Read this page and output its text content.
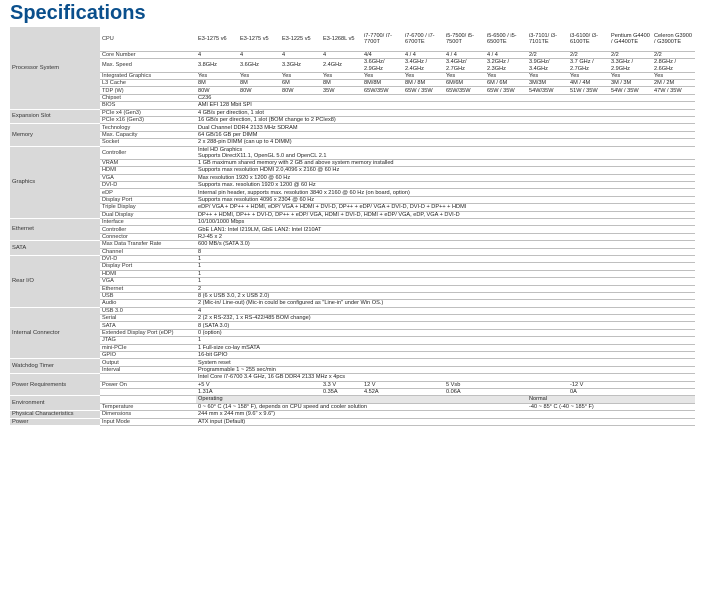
Specifications
Processor System	CPU	E3-1275 v6	E3-1275 v5	E3-1225 v5	E3-1268L v5	i7-7700/ i7-7700T	i7-6700 / i7-6700TE	i5-7500/ i5-7500T	i5-6500 / i5-6500TE	i3-7101/ i3-7101TE	i3-6100/ i3-6100TE	Pentium G4400 / G4400TE	Celeron G3900 / G3900TE
	Core Number	4	4	4	4	4/4	4 / 4	4 / 4	4 / 4	2/2	2/2	2/2	2/2
	Max. Speed	3.8GHz	3.6GHz	3.3GHz	2.4GHz	3.6GHz/ 2.9GHz	3.4GHz / 2.4GHz	3.4GHz/ 2.7GHz	3.2GHz / 2.3GHz	3.9GHz/ 3.4GHz	3.7 GHz / 2.7GHz	3.3GHz / 2.9GHz	2.8GHz / 2.6GHz
	Integrated Graphics	Yes	Yes	Yes	Yes	Yes	Yes	Yes	Yes	Yes	Yes	Yes	Yes
	L3 Cache	8M	8M	6M	8M	8M/8M	8M / 8M	6M/6M	6M / 6M	3M/3M	4M / 4M	3M / 3M	2M / 2M
	TDP (W)	80W	80W	80W	35W	65W/35W	65W / 35W	65W/35W	65W / 35W	54W/35W	51W / 35W	54W / 35W	47W / 35W
	Chipset	C236											
	BIOS	AMI EFI 128 Mbit SPI											
Expansion Slot	PCIe x4 (Gen3)	4 GB/s per direction, 1 slot											
	PCIe x16 (Gen3)	16 GB/s per direction, 1 slot (BOM change to 2 PCIex8)											
Memory	Technology	Dual Channel DDR4 2133 MHz SDRAM											
	Max. Capacity	64 GB/16 GB per DIMM											
	Socket	2 x 288-pin DIMM (can up to 4 DIMM)											
Graphics	Controller	Intel HD Graphics
Supports DirectX11.1, OpenGL 5.0 and OpenCL 2.1											
	VRAM	1 GB maximum shared memory with 2 GB and above system memory installed											
	HDMI	Supports max resolution HDMI 2.0,4096 x 2160 @ 60 Hz											
	VGA	Max resolution 1920 x 1200 @ 60 Hz											
	DVI-D	Supports max. resolution 1920 x 1200 @ 60 Hz											
	eDP	Internal pin header, supports max. resolution 3840 x 2160 @ 60 Hz (on board, option)											
	Display Port	Supports max resolution 4096 x 2304 @ 60 Hz											
	Triple Display	eDP/ VGA + DP++ + HDMI, eDP/ VGA + HDMI + DVI-D, DP++ + eDP/ VGA + DVI-D, DVI-D + DP++ + HDMI											
	Dual Display	DP++ + HDMI, DP++ + DVI-D, DP++ + eDP/ VGA, HDMI + DVI-D, HDMI + eDP/ VGA, eDP, VGA + DVI-D											
Ethernet	Interface	10/100/1000 Mbps											
	Controller	GbE LAN1: Intel I219LM, GbE LAN2: Intel I210AT											
	Connector	RJ-45 x 2											
SATA	Max Data Transfer Rate	600 MB/s (SATA 3.0)											
	Channel	8											
Rear I/O	DVI-D	1											
	Display Port	1											
	HDMI	1											
	VGA	1											
	Ethernet	2											
	USB	8 (6 x USB 3.0, 2 x USB 2.0)											
	Audio	2 (Mic-in/ Line-out) (Mic-in could be configured as "Line-in" under Win OS.)											
Internal Connector	USB 3.0	4											
	Serial	2 (2 x RS-232, 1 x RS-422/485 BOM change)											
	SATA	8 (SATA 3.0)											
	Extended Display Port (eDP)	0 (option)											
	JTAG	1											
	mini-PCIe	1 Full-size co-lay mSATA											
	GPIO	16-bit GPIO											
Watchdog Timer	Output	System reset											
	Interval	Programmable 1 ~ 255 sec/min											
Power Requirements		Intel Core i7-6700 3.4 GHz, 16 GB DDR4 2133 MHz x 4pcs											
	Power On	+5 V			3.3 V	12 V		5 Vsb			-12 V		
		1.31A			0.35A	4.52A		0.06A			0A		
Environment		Operating								Normal			
	Temperature	0 ~ 60° C (14 ~ 158° F), depends on CPU speed and cooler solution								-40 ~ 85° C (-40 ~ 185° F)			
Physical Characteristics	Dimensions	244 mm x 244 mm (9.6" x 9.6")											
Power	Input Mode	ATX input (Default)											
